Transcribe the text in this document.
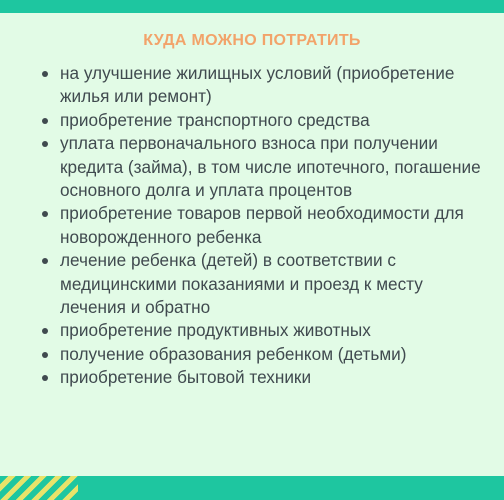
КУДА МОЖНО ПОТРАТИТЬ
на улучшение жилищных условий (приобретение жилья или ремонт)
приобретение транспортного средства
уплата первоначального взноса при получении кредита (займа), в том числе ипотечного, погашение основного долга и уплата процентов
приобретение товаров первой необходимости для новорожденного ребенка
лечение ребенка (детей) в соответствии с медицинскими показаниями и проезд к месту лечения и обратно
приобретение продуктивных животных
получение образования ребенком (детьми)
приобретение бытовой техники
